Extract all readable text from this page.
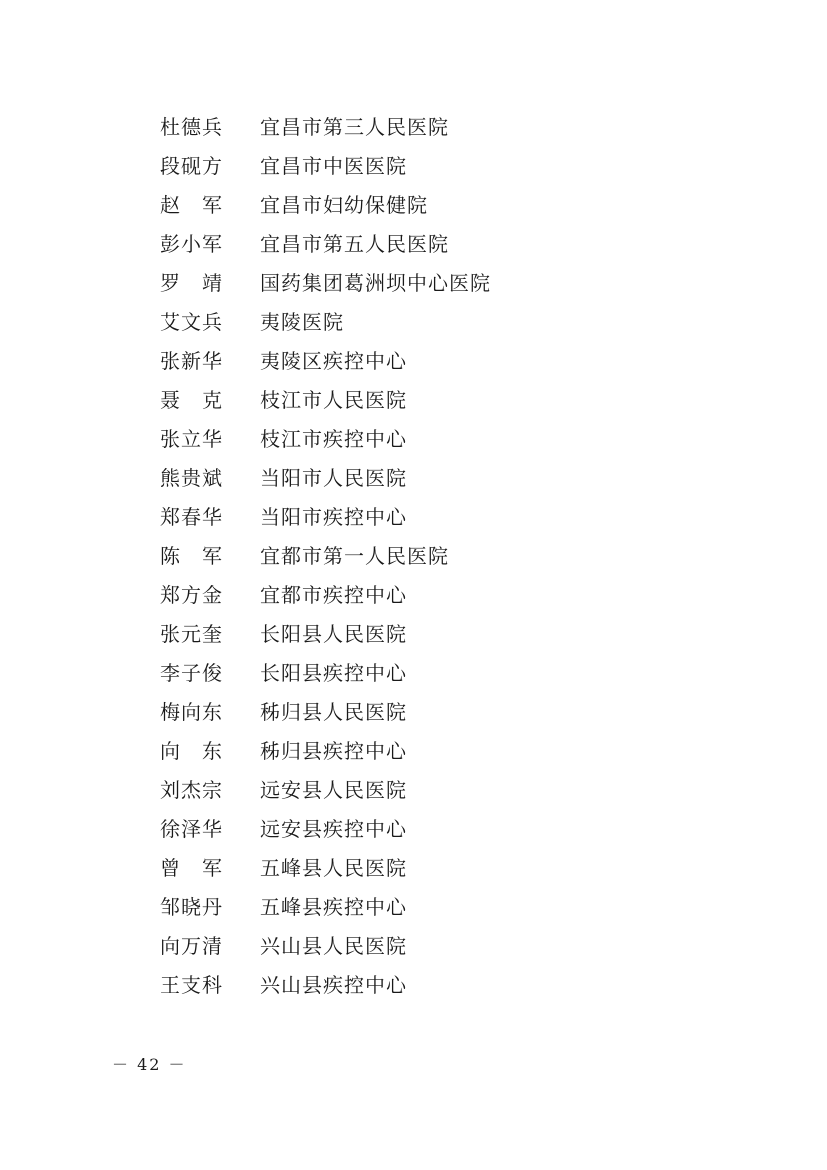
杜德兵	宜昌市第三人民医院
段砚方	宜昌市中医医院
赵　军	宜昌市妇幼保健院
彭小军	宜昌市第五人民医院
罗　靖	国药集团葛洲坝中心医院
艾文兵	夷陵医院
张新华	夷陵区疾控中心
聂　克	枝江市人民医院
张立华	枝江市疾控中心
熊贵斌	当阳市人民医院
郑春华	当阳市疾控中心
陈　军	宜都市第一人民医院
郑方金	宜都市疾控中心
张元奎	长阳县人民医院
李子俊	长阳县疾控中心
梅向东	秭归县人民医院
向　东	秭归县疾控中心
刘杰宗	远安县人民医院
徐泽华	远安县疾控中心
曾　军	五峰县人民医院
邹晓丹	五峰县疾控中心
向万清	兴山县人民医院
王支科	兴山县疾控中心
－ 42 －
